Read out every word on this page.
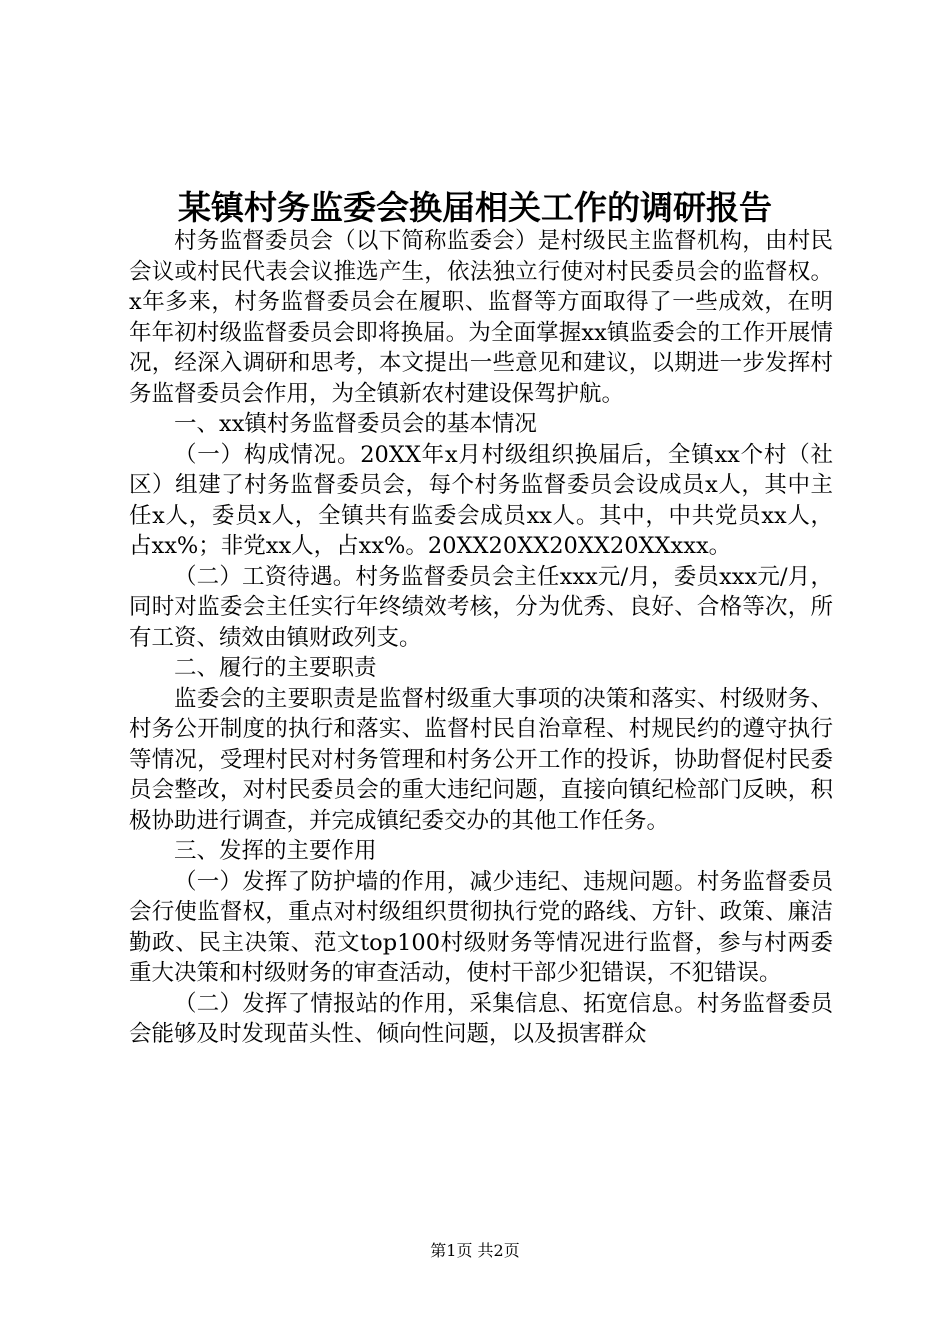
某镇村务监委会换届相关工作的调研报告

村务监督委员会（以下简称监委会）是村级民主监督机构，由村民会议或村民代表会议推选产生，依法独立行使对村民委员会的监督权。x年多来，村务监督委员会在履职、监督等方面取得了一些成效，在明年年初村级监督委员会即将换届。为全面掌握xx镇监委会的工作开展情况，经深入调研和思考，本文提出一些意见和建议，以期进一步发挥村务监督委员会作用，为全镇新农村建设保驾护航。

一、xx镇村务监督委员会的基本情况

（一）构成情况。20XX年x月村级组织换届后，全镇xx个村（社区）组建了村务监督委员会，每个村务监督委员会设成员x人，其中主任x人，委员x人，全镇共有监委会成员xx人。其中，中共党员xx人，占xx%；非党xx人，占xx%。20XX20XX20XX20XXxxx。

（二）工资待遇。村务监督委员会主任xxx元/月，委员xxx元/月，同时对监委会主任实行年终绩效考核，分为优秀、良好、合格等次，所有工资、绩效由镇财政列支。

二、履行的主要职责

监委会的主要职责是监督村级重大事项的决策和落实、村级财务、村务公开制度的执行和落实、监督村民自治章程、村规民约的遵守执行等情况，受理村民对村务管理和村务公开工作的投诉，协助督促村民委员会整改，对村民委员会的重大违纪问题，直接向镇纪检部门反映，积极协助进行调查，并完成镇纪委交办的其他工作任务。

三、发挥的主要作用

（一）发挥了防护墙的作用，减少违纪、违规问题。村务监督委员会行使监督权，重点对村级组织贯彻执行党的路线、方针、政策、廉洁勤政、民主决策、范文top100村级财务等情况进行监督，参与村两委重大决策和村级财务的审查活动，使村干部少犯错误，不犯错误。

（二）发挥了情报站的作用，采集信息、拓宽信息。村务监督委员会能够及时发现苗头性、倾向性问题，以及损害群众

第1页 共2页
